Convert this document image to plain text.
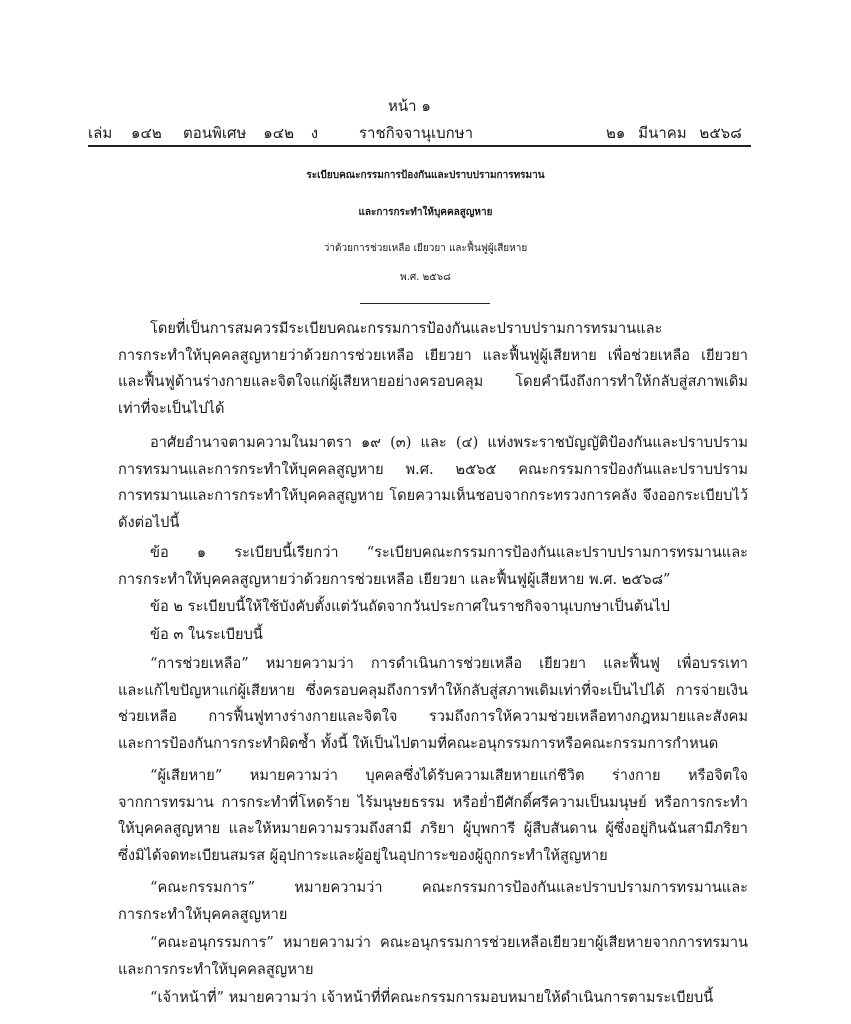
หน้า ๑
เล่ม ๑๔๒ ตอนพิเศษ ๑๔๒ ง	ราชกิจจานุเบกษา	๒๑ มีนาคม ๒๕๖๘
ระเบียบคณะกรรมการป้องกันและปราบปรามการทรมาน
และการกระทำให้บุคคลสูญหาย
ว่าด้วยการช่วยเหลือ เยียวยา และฟื้นฟูผู้เสียหาย
พ.ศ. ๒๕๖๘
โดยที่เป็นการสมควรมีระเบียบคณะกรรมการป้องกันและปราบปรามการทรมานและ
การกระทำให้บุคคลสูญหายว่าด้วยการช่วยเหลือ เยียวยา และฟื้นฟูผู้เสียหาย เพื่อช่วยเหลือ เยียวยา
และฟื้นฟูด้านร่างกายและจิตใจแก่ผู้เสียหายอย่างครอบคลุม โดยคำนึงถึงการทำให้กลับสู่สภาพเดิม
เท่าที่จะเป็นไปได้
อาศัยอำนาจตามความในมาตรา ๑๙ (๓) และ (๔) แห่งพระราชบัญญัติป้องกันและปราบปราม
การทรมานและการกระทำให้บุคคลสูญหาย พ.ศ. ๒๕๖๕ คณะกรรมการป้องกันและปราบปราม
การทรมานและการกระทำให้บุคคลสูญหาย โดยความเห็นชอบจากกระทรวงการคลัง จึงออกระเบียบไว้
ดังต่อไปนี้
ข้อ ๑ ระเบียบนี้เรียกว่า “ระเบียบคณะกรรมการป้องกันและปราบปรามการทรมานและ
การกระทำให้บุคคลสูญหายว่าด้วยการช่วยเหลือ เยียวยา และฟื้นฟูผู้เสียหาย พ.ศ. ๒๕๖๘”
ข้อ ๒ ระเบียบนี้ให้ใช้บังคับตั้งแต่วันถัดจากวันประกาศในราชกิจจานุเบกษาเป็นต้นไป
ข้อ ๓ ในระเบียบนี้
“การช่วยเหลือ” หมายความว่า การดำเนินการช่วยเหลือ เยียวยา และฟื้นฟู เพื่อบรรเทา
และแก้ไขปัญหาแก่ผู้เสียหาย ซึ่งครอบคลุมถึงการทำให้กลับสู่สภาพเดิมเท่าที่จะเป็นไปได้ การจ่ายเงิน
ช่วยเหลือ การฟื้นฟูทางร่างกายและจิตใจ รวมถึงการให้ความช่วยเหลือทางกฎหมายและสังคม
และการป้องกันการกระทำผิดซ้ำ ทั้งนี้ ให้เป็นไปตามที่คณะอนุกรรมการหรือคณะกรรมการกำหนด
“ผู้เสียหาย” หมายความว่า บุคคลซึ่งได้รับความเสียหายแก่ชีวิต ร่างกาย หรือจิตใจ
จากการทรมาน การกระทำที่โหดร้าย ไร้มนุษยธรรม หรือย่ำยีศักดิ์ศรีความเป็นมนุษย์ หรือการกระทำ
ให้บุคคลสูญหาย และให้หมายความรวมถึงสามี ภริยา ผู้บุพการี ผู้สืบสันดาน ผู้ซึ่งอยู่กินฉันสามีภริยา
ซึ่งมิได้จดทะเบียนสมรส ผู้อุปการะและผู้อยู่ในอุปการะของผู้ถูกกระทำให้สูญหาย
“คณะกรรมการ” หมายความว่า คณะกรรมการป้องกันและปราบปรามการทรมานและ
การกระทำให้บุคคลสูญหาย
“คณะอนุกรรมการ” หมายความว่า คณะอนุกรรมการช่วยเหลือเยียวยาผู้เสียหายจากการทรมาน
และการกระทำให้บุคคลสูญหาย
“เจ้าหน้าที่” หมายความว่า เจ้าหน้าที่ที่คณะกรรมการมอบหมายให้ดำเนินการตามระเบียบนี้
